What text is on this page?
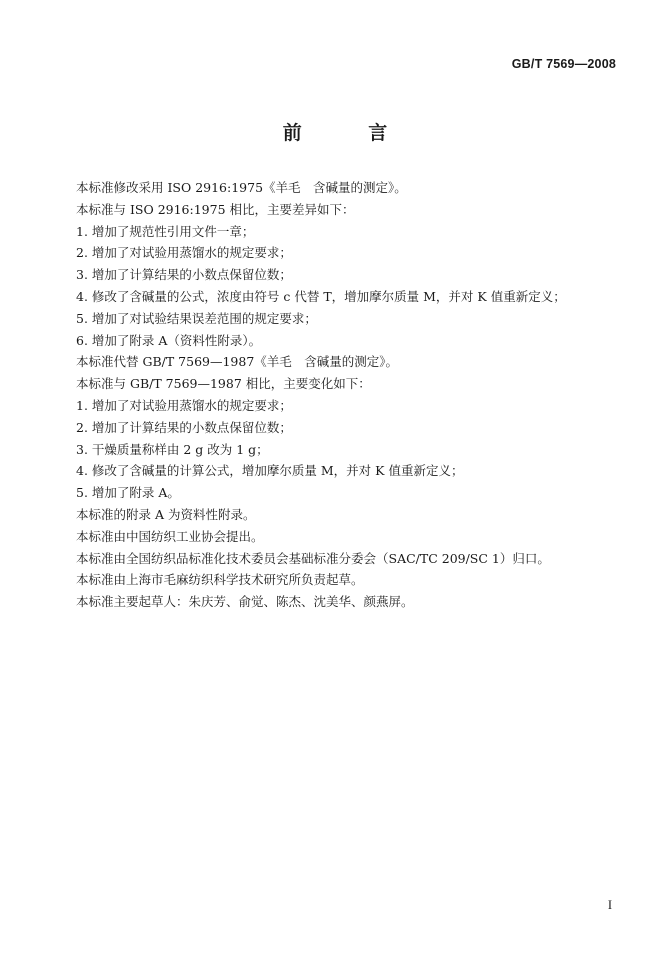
GB/T 7569—2008
前 言
本标准修改采用 ISO 2916:1975《羊毛　含碱量的测定》。
本标准与 ISO 2916:1975 相比，主要差异如下：
1. 增加了规范性引用文件一章；
2. 增加了对试验用蒸馏水的规定要求；
3. 增加了计算结果的小数点保留位数；
4. 修改了含碱量的公式，浓度由符号 c 代替 T，增加摩尔质量 M，并对 K 值重新定义；
5. 增加了对试验结果误差范围的规定要求；
6. 增加了附录 A（资料性附录）。
本标准代替 GB/T 7569—1987《羊毛　含碱量的测定》。
本标准与 GB/T 7569—1987 相比，主要变化如下：
1. 增加了对试验用蒸馏水的规定要求；
2. 增加了计算结果的小数点保留位数；
3. 干燥质量称样由 2 g 改为 1 g；
4. 修改了含碱量的计算公式，增加摩尔质量 M，并对 K 值重新定义；
5. 增加了附录 A。
本标准的附录 A 为资料性附录。
本标准由中国纺织工业协会提出。
本标准由全国纺织品标准化技术委员会基础标准分委会（SAC/TC 209/SC 1）归口。
本标准由上海市毛麻纺织科学技术研究所负责起草。
本标准主要起草人：朱庆芳、俞觉、陈杰、沈美华、颜燕屏。
I
